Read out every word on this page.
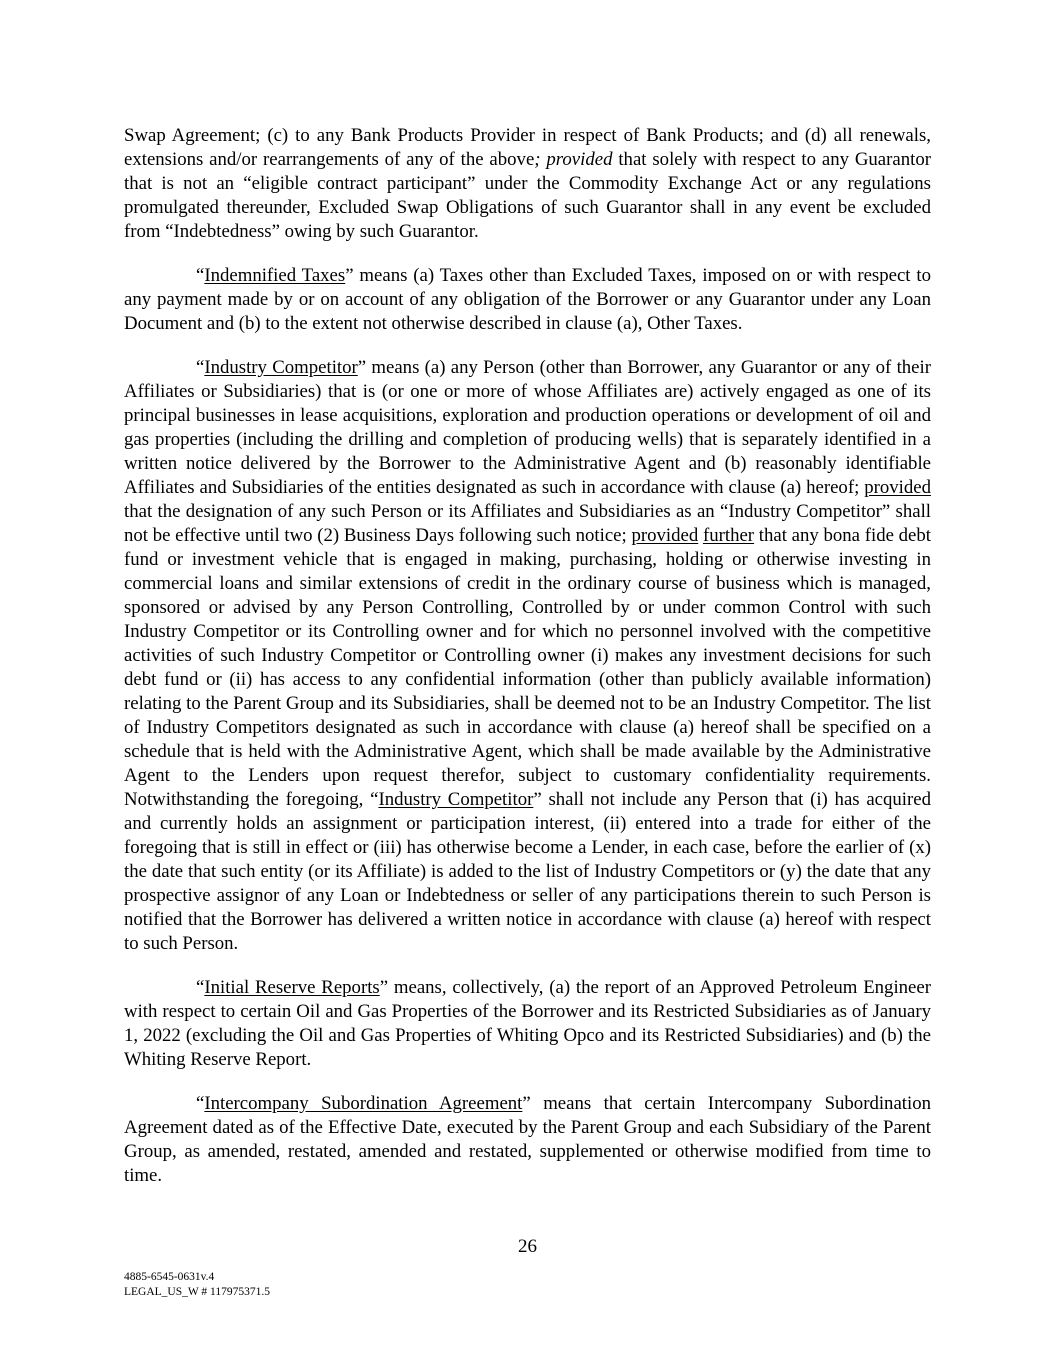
Swap Agreement; (c) to any Bank Products Provider in respect of Bank Products; and (d) all renewals, extensions and/or rearrangements of any of the above; provided that solely with respect to any Guarantor that is not an “eligible contract participant” under the Commodity Exchange Act or any regulations promulgated thereunder, Excluded Swap Obligations of such Guarantor shall in any event be excluded from “Indebtedness” owing by such Guarantor.

“Indemnified Taxes” means (a) Taxes other than Excluded Taxes, imposed on or with respect to any payment made by or on account of any obligation of the Borrower or any Guarantor under any Loan Document and (b) to the extent not otherwise described in clause (a), Other Taxes.

“Industry Competitor” means (a) any Person (other than Borrower, any Guarantor or any of their Affiliates or Subsidiaries) that is (or one or more of whose Affiliates are) actively engaged as one of its principal businesses in lease acquisitions, exploration and production operations or development of oil and gas properties (including the drilling and completion of producing wells) that is separately identified in a written notice delivered by the Borrower to the Administrative Agent and (b) reasonably identifiable Affiliates and Subsidiaries of the entities designated as such in accordance with clause (a) hereof; provided that the designation of any such Person or its Affiliates and Subsidiaries as an “Industry Competitor” shall not be effective until two (2) Business Days following such notice; provided further that any bona fide debt fund or investment vehicle that is engaged in making, purchasing, holding or otherwise investing in commercial loans and similar extensions of credit in the ordinary course of business which is managed, sponsored or advised by any Person Controlling, Controlled by or under common Control with such Industry Competitor or its Controlling owner and for which no personnel involved with the competitive activities of such Industry Competitor or Controlling owner (i) makes any investment decisions for such debt fund or (ii) has access to any confidential information (other than publicly available information) relating to the Parent Group and its Subsidiaries, shall be deemed not to be an Industry Competitor. The list of Industry Competitors designated as such in accordance with clause (a) hereof shall be specified on a schedule that is held with the Administrative Agent, which shall be made available by the Administrative Agent to the Lenders upon request therefor, subject to customary confidentiality requirements. Notwithstanding the foregoing, “Industry Competitor” shall not include any Person that (i) has acquired and currently holds an assignment or participation interest, (ii) entered into a trade for either of the foregoing that is still in effect or (iii) has otherwise become a Lender, in each case, before the earlier of (x) the date that such entity (or its Affiliate) is added to the list of Industry Competitors or (y) the date that any prospective assignor of any Loan or Indebtedness or seller of any participations therein to such Person is notified that the Borrower has delivered a written notice in accordance with clause (a) hereof with respect to such Person.

“Initial Reserve Reports” means, collectively, (a) the report of an Approved Petroleum Engineer with respect to certain Oil and Gas Properties of the Borrower and its Restricted Subsidiaries as of January 1, 2022 (excluding the Oil and Gas Properties of Whiting Opco and its Restricted Subsidiaries) and (b) the Whiting Reserve Report.

“Intercompany Subordination Agreement” means that certain Intercompany Subordination Agreement dated as of the Effective Date, executed by the Parent Group and each Subsidiary of the Parent Group, as amended, restated, amended and restated, supplemented or otherwise modified from time to time.

26
4885-6545-0631v.4
LEGAL_US_W # 117975371.5
